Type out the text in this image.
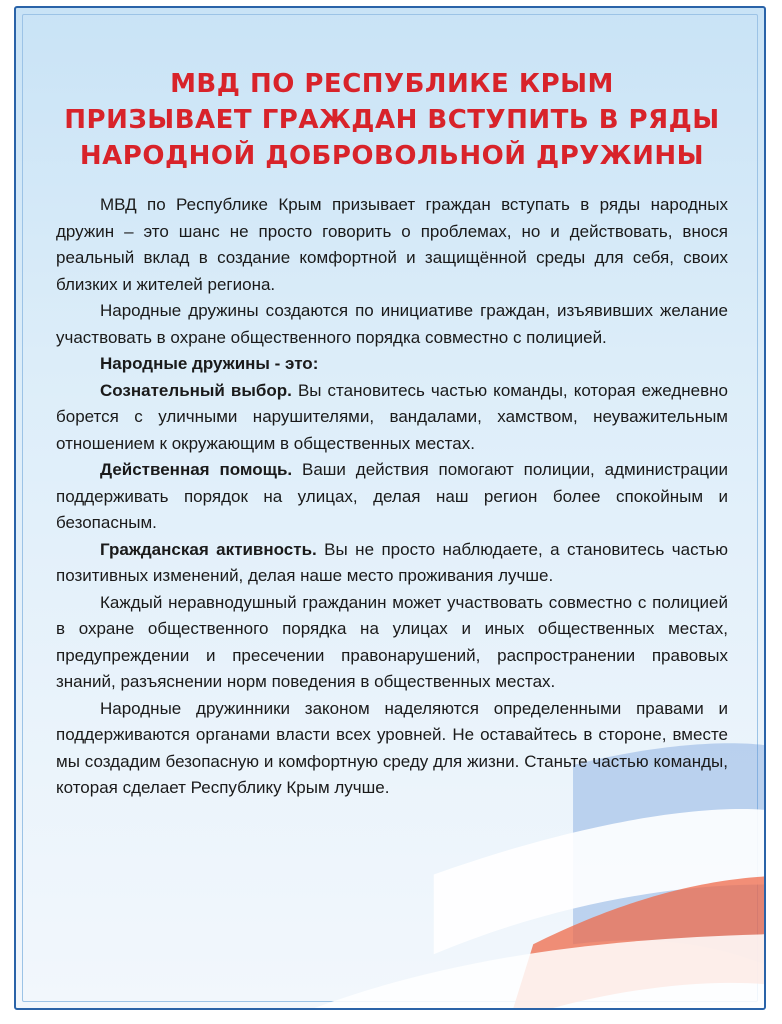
МВД ПО РЕСПУБЛИКЕ КРЫМ
ПРИЗЫВАЕТ ГРАЖДАН ВСТУПИТЬ В РЯДЫ
НАРОДНОЙ ДОБРОВОЛЬНОЙ ДРУЖИНЫ

МВД по Республике Крым призывает граждан вступать в ряды народных дружин – это шанс не просто говорить о проблемах, но и действовать, внося реальный вклад в создание комфортной и защищённой среды для себя, своих близких и жителей региона.

Народные дружины создаются по инициативе граждан, изъявивших желание участвовать в охране общественного порядка совместно с полицией.

Народные дружины - это:

Сознательный выбор. Вы становитесь частью команды, которая ежедневно борется с уличными нарушителями, вандалами, хамством, неуважительным отношением к окружающим в общественных местах.

Действенная помощь. Ваши действия помогают полиции, администрации поддерживать порядок на улицах, делая наш регион более спокойным и безопасным.

Гражданская активность. Вы не просто наблюдаете, а становитесь частью позитивных изменений, делая наше место проживания лучше.

Каждый неравнодушный гражданин может участвовать совместно с полицией в охране общественного порядка на улицах и иных общественных местах, предупреждении и пресечении правонарушений, распространении правовых знаний, разъяснении норм поведения в общественных местах.

Народные дружинники законом наделяются определенными правами и поддерживаются органами власти всех уровней. Не оставайтесь в стороне, вместе мы создадим безопасную и комфортную среду для жизни. Станьте частью команды, которая сделает Республику Крым лучше.
